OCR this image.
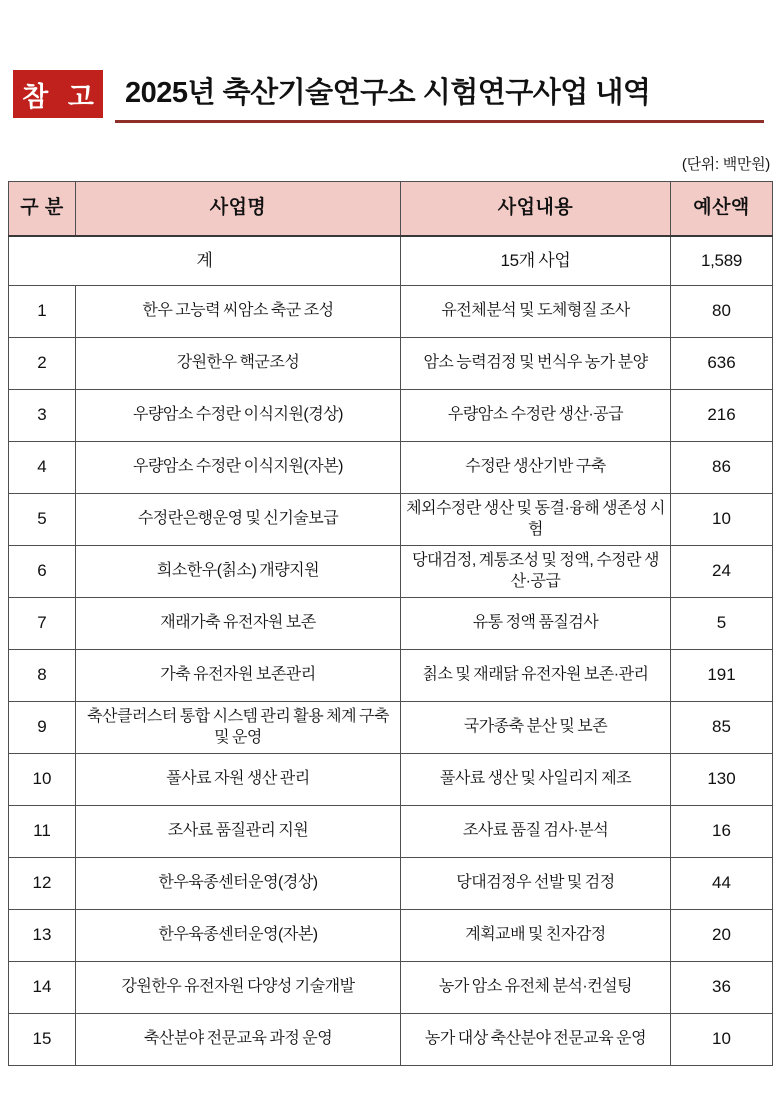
참 고 2025년 축산기술연구소 시험연구사업 내역
(단위: 백만원)
구 분	사업명	사업내용	예산액
계		15개 사업	1,589
1	한우 고능력 씨암소 축군 조성	유전체분석 및 도체형질 조사	80
2	강원한우 핵군조성	암소 능력검정 및 번식우 농가 분양	636
3	우량암소 수정란 이식지원(경상)	우량암소 수정란 생산·공급	216
4	우량암소 수정란 이식지원(자본)	수정란 생산기반 구축	86
5	수정란은행운영 및 신기술보급	체외수정란 생산 및 동결·융해 생존성 시험	10
6	희소한우(칡소) 개량지원	당대검정, 계통조성 및 정액, 수정란 생산·공급	24
7	재래가축 유전자원 보존	유통 정액 품질검사	5
8	가축 유전자원 보존관리	칡소 및 재래닭 유전자원 보존·관리	191
9	축산클러스터 통합 시스템 관리 활용 체계 구축 및 운영	국가종축 분산 및 보존	85
10	풀사료 자원 생산 관리	풀사료 생산 및 사일리지 제조	130
11	조사료 품질관리 지원	조사료 품질 검사·분석	16
12	한우육종센터운영(경상)	당대검정우 선발 및 검정	44
13	한우육종센터운영(자본)	계획교배 및 친자감정	20
14	강원한우 유전자원 다양성 기술개발	농가 암소 유전체 분석·컨설팅	36
15	축산분야 전문교육 과정 운영	농가 대상 축산분야 전문교육 운영	10
